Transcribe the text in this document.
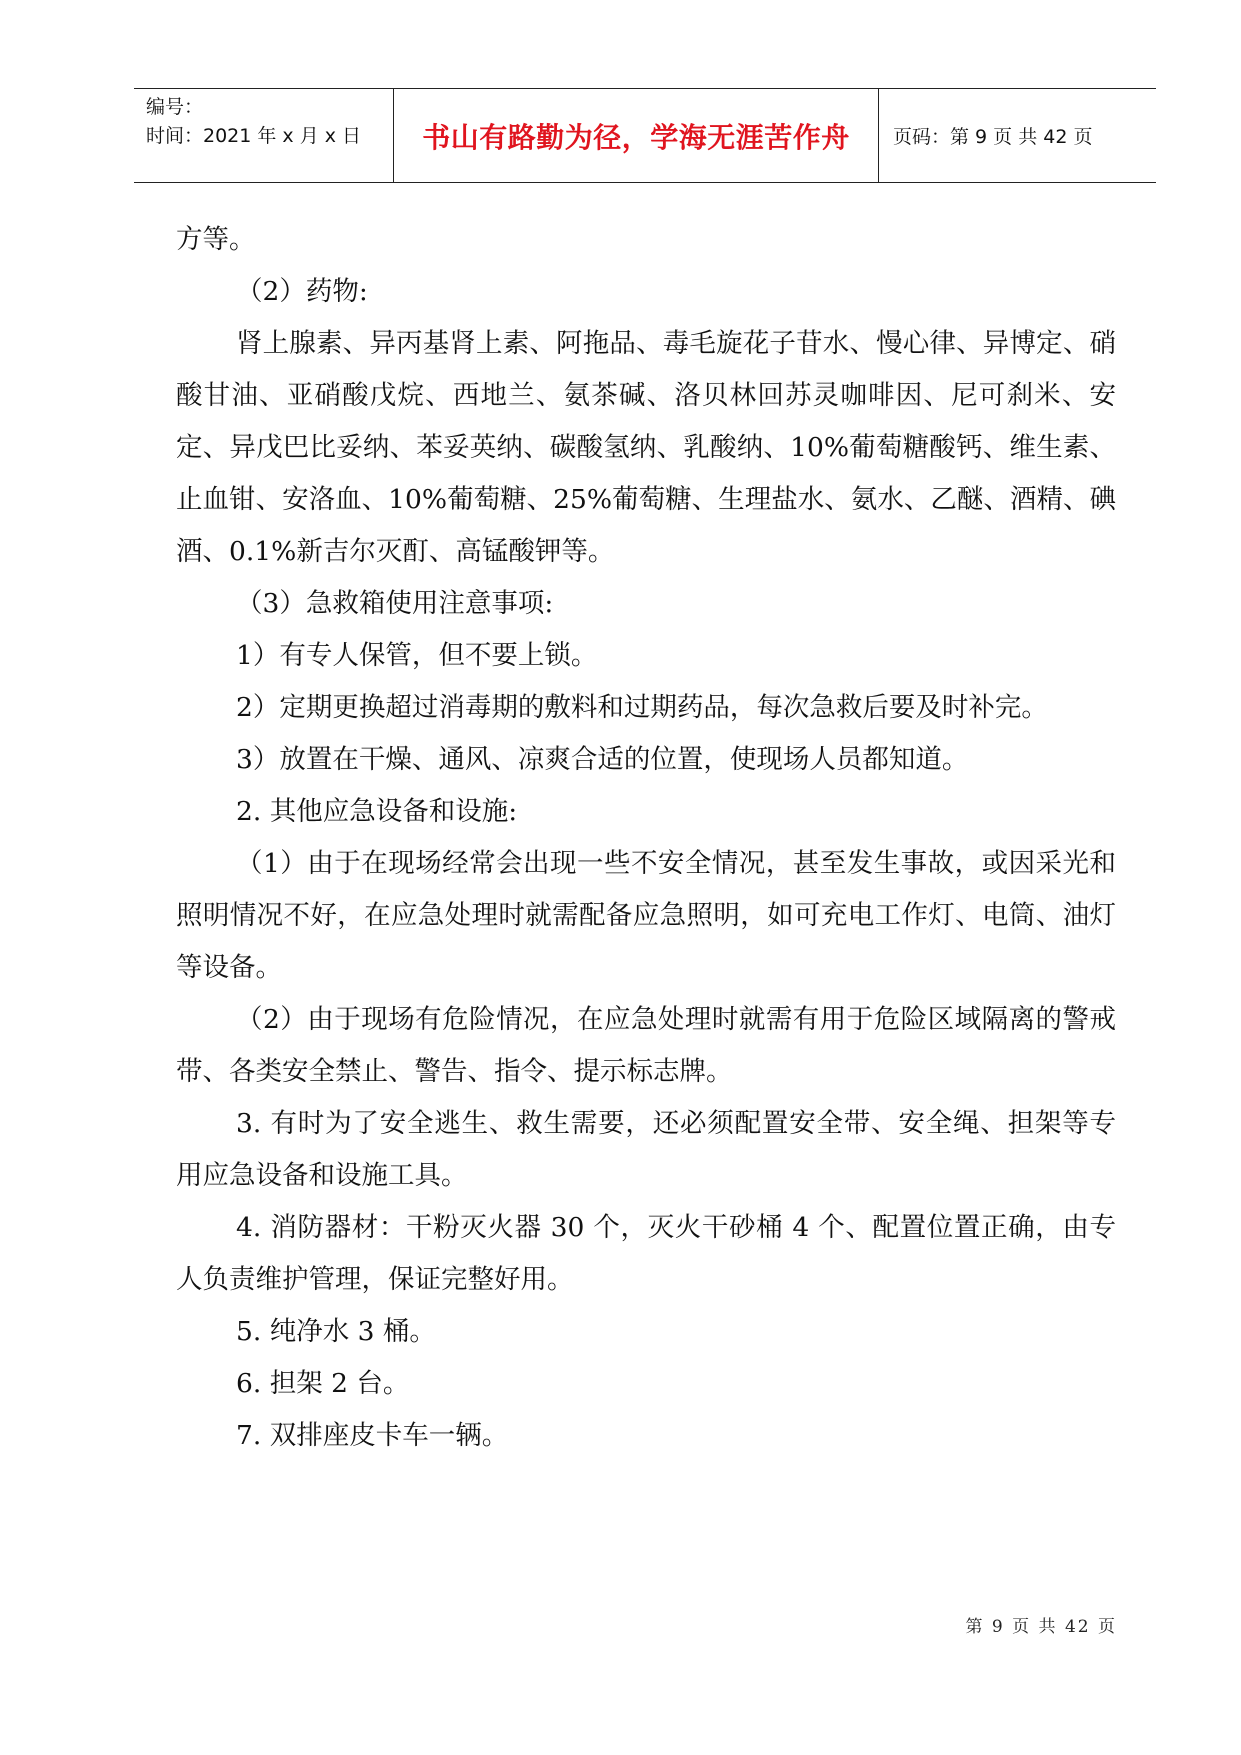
编号：
时间：2021 年 x 月 x 日	书山有路勤为径，学海无涯苦作舟	页码：第 9 页 共 42 页

方等。

（2）药物:

肾上腺素、异丙基肾上素、阿拖品、毒毛旋花子苷水、慢心律、异博定、硝酸甘油、亚硝酸戊烷、西地兰、氨茶碱、洛贝林回苏灵咖啡因、尼可刹米、安定、异戊巴比妥纳、苯妥英纳、碳酸氢纳、乳酸纳、10%葡萄糖酸钙、维生素、止血钳、安洛血、10%葡萄糖、25%葡萄糖、生理盐水、氨水、乙醚、酒精、碘酒、0.1%新吉尔灭酊、高锰酸钾等。

（3）急救箱使用注意事项:

1）有专人保管，但不要上锁。

2）定期更换超过消毒期的敷料和过期药品，每次急救后要及时补完。

3）放置在干燥、通风、凉爽合适的位置，使现场人员都知道。

2. 其他应急设备和设施:

（1）由于在现场经常会出现一些不安全情况，甚至发生事故，或因采光和照明情况不好，在应急处理时就需配备应急照明，如可充电工作灯、电筒、油灯等设备。

（2）由于现场有危险情况，在应急处理时就需有用于危险区域隔离的警戒带、各类安全禁止、警告、指令、提示标志牌。

3. 有时为了安全逃生、救生需要，还必须配置安全带、安全绳、担架等专用应急设备和设施工具。

4. 消防器材：干粉灭火器 30 个，灭火干砂桶 4 个、配置位置正确，由专人负责维护管理，保证完整好用。

5. 纯净水 3 桶。

6. 担架 2 台。

7. 双排座皮卡车一辆。

第 9 页 共 42 页
